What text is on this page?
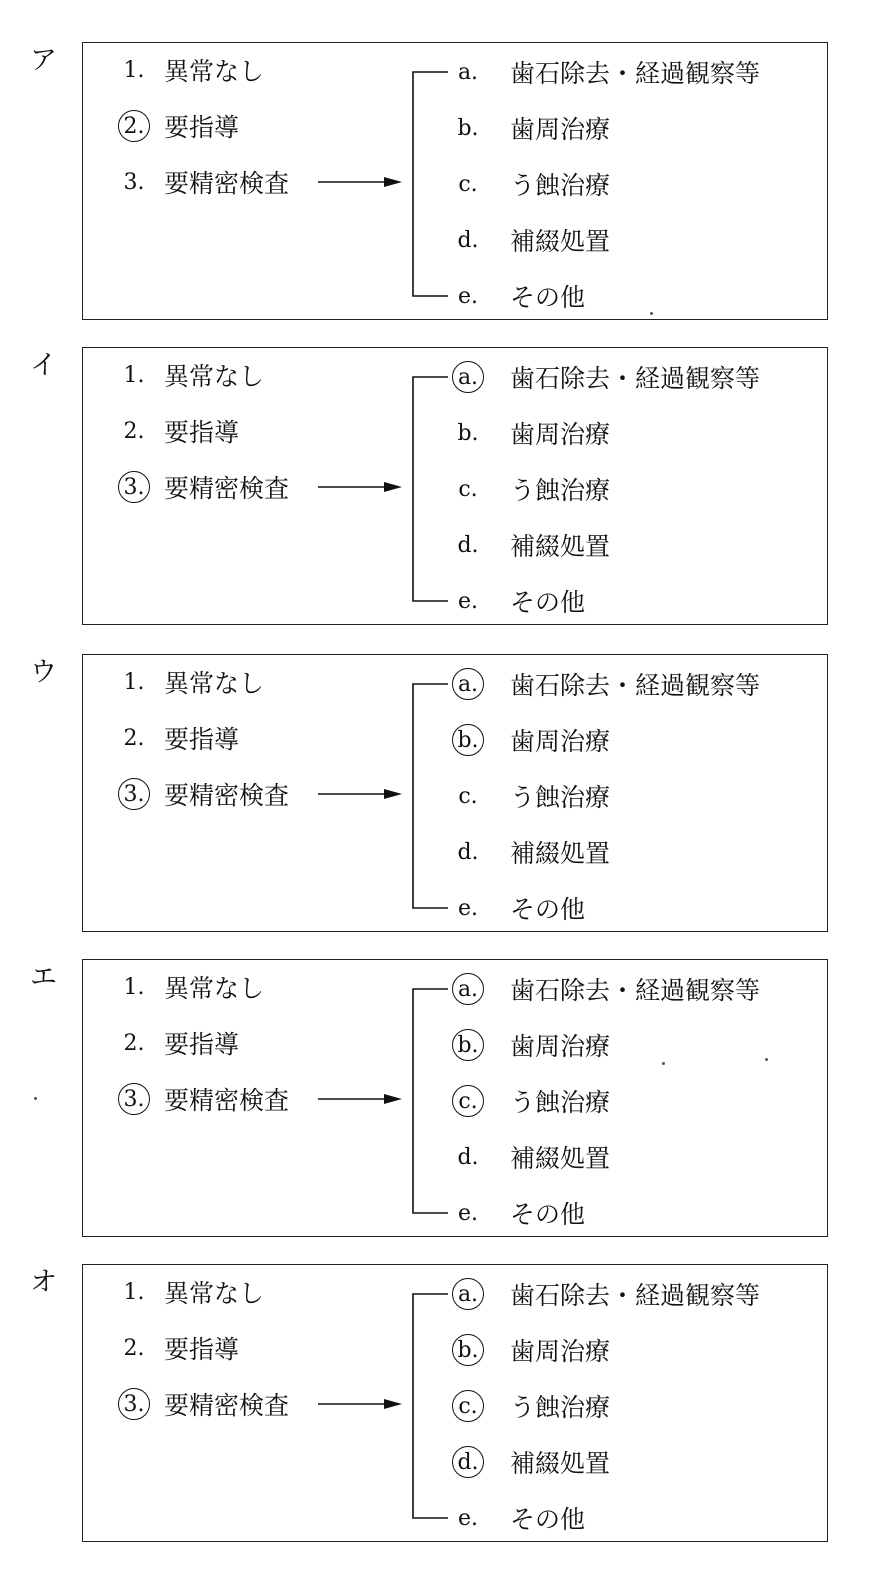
ア	1. 異常なし
2. 要指導
3. 要精密検査
a. 歯石除去・経過観察等
b. 歯周治療
c. う蝕治療
d. 補綴処置
e. その他
イ	1. 異常なし
2. 要指導
3. 要精密検査
a. 歯石除去・経過観察等
b. 歯周治療
c. う蝕治療
d. 補綴処置
e. その他
ウ	1. 異常なし
2. 要指導
3. 要精密検査
a. 歯石除去・経過観察等
b. 歯周治療
c. う蝕治療
d. 補綴処置
e. その他
エ	1. 異常なし
2. 要指導
3. 要精密検査
a. 歯石除去・経過観察等
b. 歯周治療
c. う蝕治療
d. 補綴処置
e. その他
オ	1. 異常なし
2. 要指導
3. 要精密検査
a. 歯石除去・経過観察等
b. 歯周治療
c. う蝕治療
d. 補綴処置
e. その他
